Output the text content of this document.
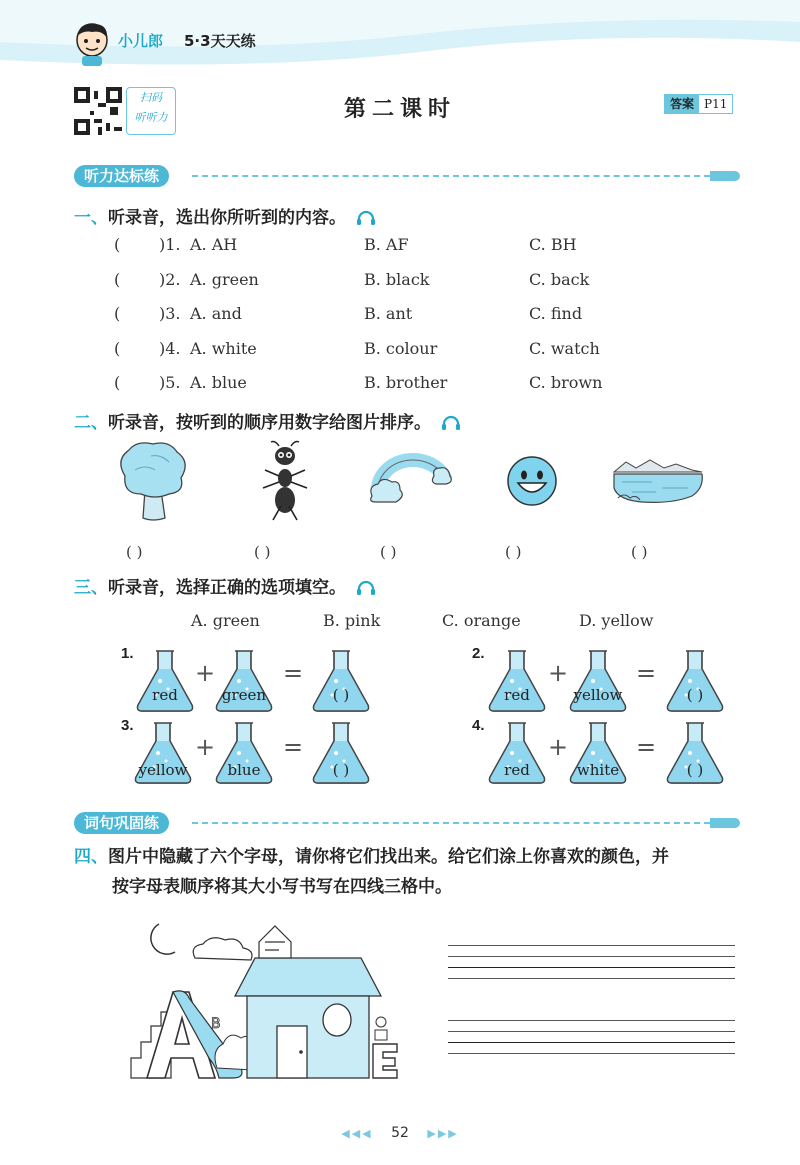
小儿郎 5·3天天练
扫码
听听力	第二课时	答案 P11
听力达标练
一、听录音，选出你所听到的内容。
( )1. A. AH	B. AF	C. BH
( )2. A. green	B. black	C. back
( )3. A. and	B. ant	C. find
( )4. A. white	B. colour	C. watch
( )5. A. blue	B. brother	C. brown
二、听录音，按听到的顺序用数字给图片排序。
( )	( )	( )	( )	( )
三、听录音，选择正确的选项填空。
A. green	B. pink	C. orange	D. yellow
1.
red
+
green
=
( )
2.
red
+
yellow
=
( )
3.
yellow
+
blue
=
( )
4.
red
+
white
=
( )
词句巩固练
四、图片中隐藏了六个字母，请你将它们找出来。给它们涂上你喜欢的颜色，并
按字母表顺序将其大小写书写在四线三格中。
B
◀◀◀ 52 ▶▶▶
